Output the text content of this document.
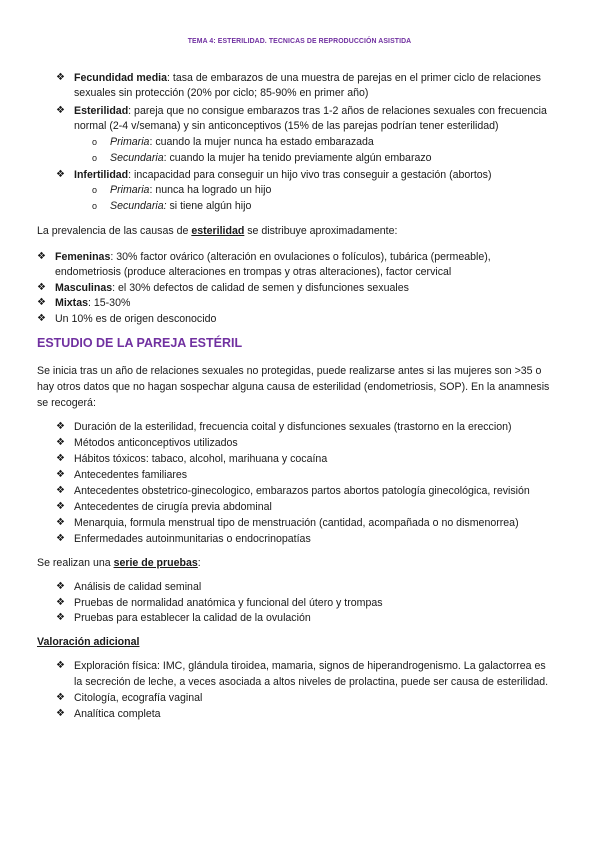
TEMA 4: ESTERILIDAD. TECNICAS DE REPRODUCCIÓN ASISTIDA
❖ Fecundidad media: tasa de embarazos de una muestra de parejas en el primer ciclo de relaciones
sexuales sin protección (20% por ciclo; 85-90% en primer año)
❖ Esterilidad: pareja que no consigue embarazos tras 1-2 años de relaciones sexuales con frecuencia
normal (2-4 v/semana) y sin anticonceptivos (15% de las parejas podrían tener esterilidad)
o Primaria: cuando la mujer nunca ha estado embarazada
o Secundaria: cuando la mujer ha tenido previamente algún embarazo
❖ Infertilidad: incapacidad para conseguir un hijo vivo tras conseguir a gestación (abortos)
o Primaria: nunca ha logrado un hijo
o Secundaria: si tiene algún hijo
La prevalencia de las causas de esterilidad se distribuye aproximadamente:
❖ Femeninas: 30% factor ovárico (alteración en ovulaciones o folículos), tubárica (permeable),
endometriosis (produce alteraciones en trompas y otras alteraciones), factor cervical
❖ Masculinas: el 30% defectos de calidad de semen y disfunciones sexuales
❖ Mixtas: 15-30%
❖ Un 10% es de origen desconocido
ESTUDIO DE LA PAREJA ESTÉRIL
Se inicia tras un año de relaciones sexuales no protegidas, puede realizarse antes si las mujeres son >35 o
hay otros datos que no hagan sospechar alguna causa de esterilidad (endometriosis, SOP). En la anamnesis
se recogerá:
❖ Duración de la esterilidad, frecuencia coital y disfunciones sexuales (trastorno en la ereccion)
❖ Métodos anticonceptivos utilizados
❖ Hábitos tóxicos: tabaco, alcohol, marihuana y cocaína
❖ Antecedentes familiares
❖ Antecedentes obstetrico-ginecologico, embarazos partos abortos patología ginecológica, revisión
❖ Antecedentes de cirugía previa abdominal
❖ Menarquia, formula menstrual tipo de menstruación (cantidad, acompañada o no dismenorrea)
❖ Enfermedades autoinmunitarias o endocrinopatías
Se realizan una serie de pruebas:
❖ Análisis de calidad seminal
❖ Pruebas de normalidad anatómica y funcional del útero y trompas
❖ Pruebas para establecer la calidad de la ovulación
Valoración adicional
❖ Exploración física: IMC, glándula tiroidea, mamaria, signos de hiperandrogenismo. La galactorrea es
la secreción de leche, a veces asociada a altos niveles de prolactina, puede ser causa de esterilidad.
❖ Citología, ecografía vaginal
❖ Analítica completa
